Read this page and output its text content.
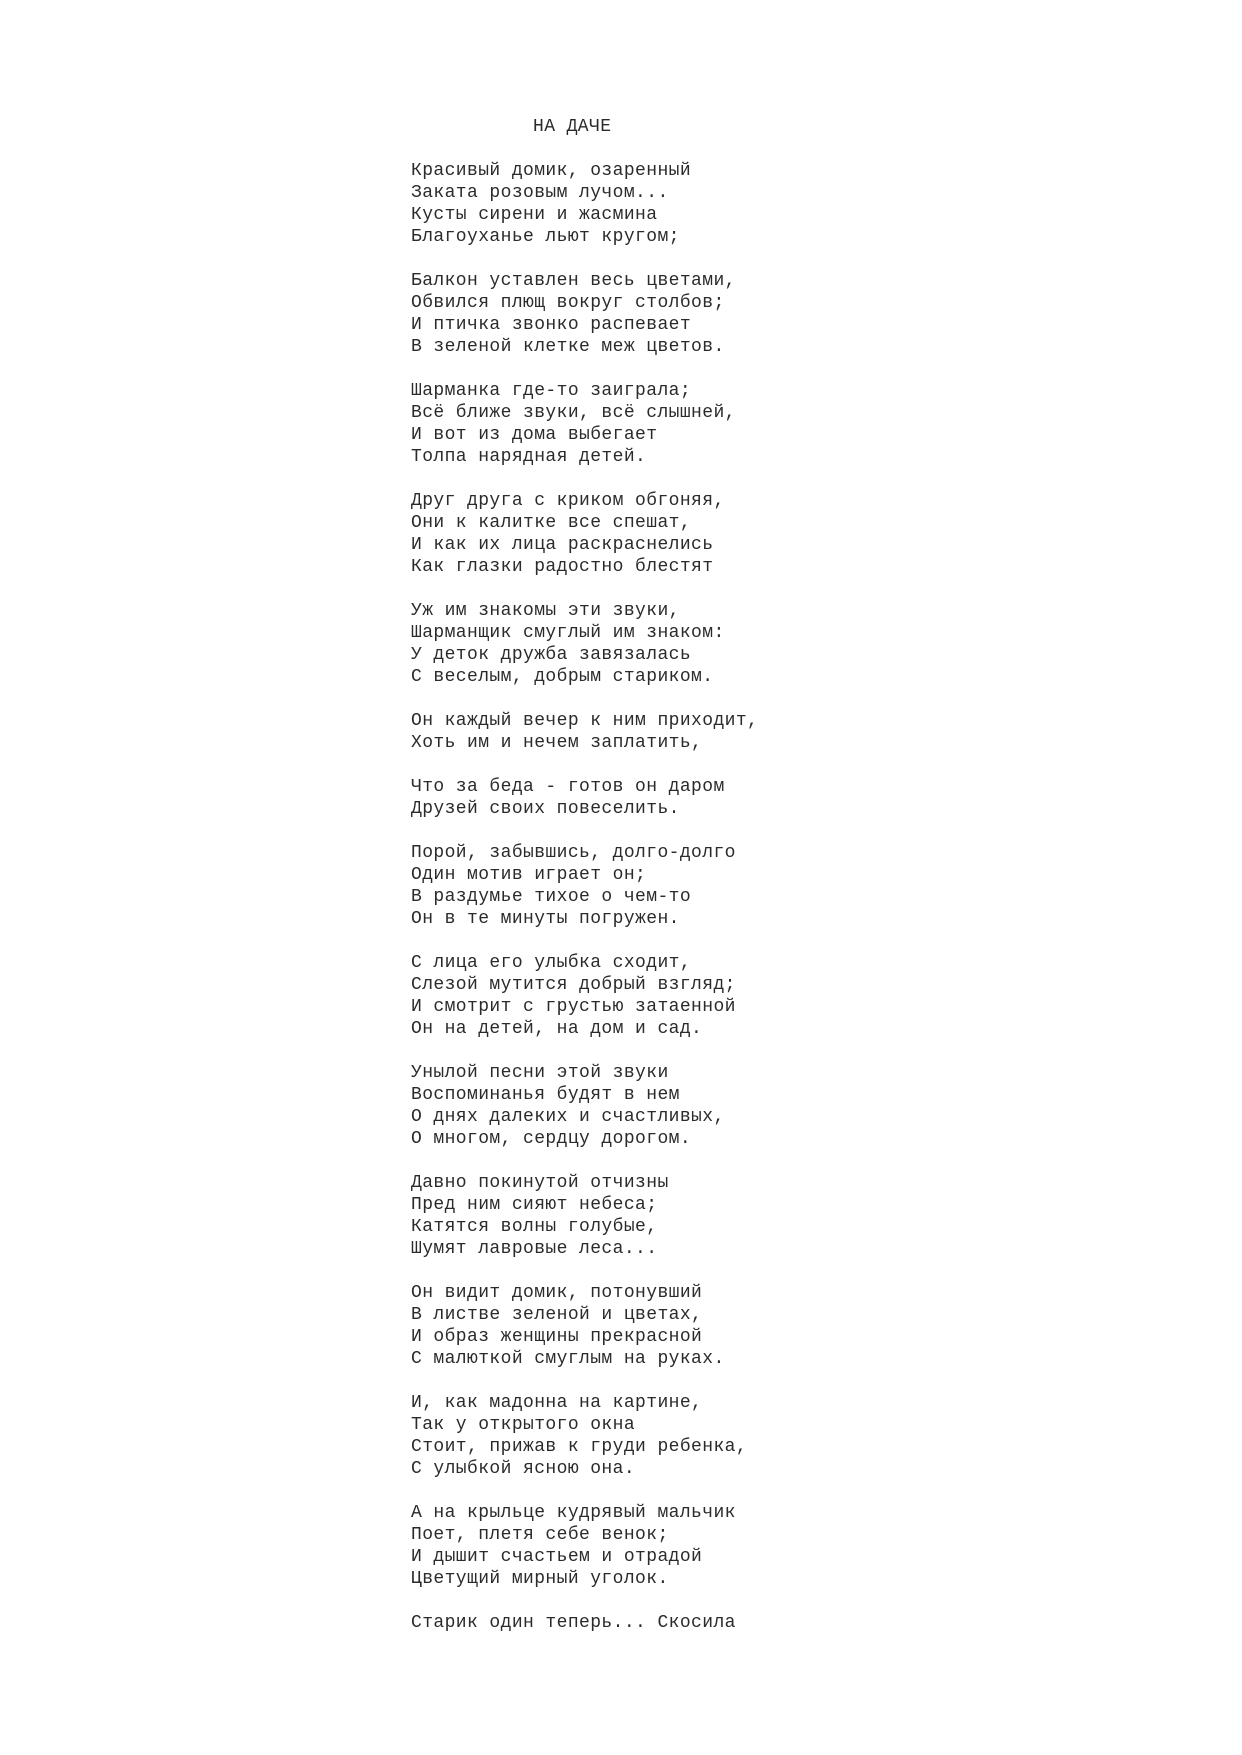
НА ДАЧЕ
Красивый домик, озаренный
Заката розовым лучом...
Кусты сирени и жасмина
Благоуханье льют кругом;
Балкон уставлен весь цветами,
Обвился плющ вокруг столбов;
И птичка звонко распевает
В зеленой клетке меж цветов.
Шарманка где-то заиграла;
Всё ближе звуки, всё слышней,
И вот из дома выбегает
Толпа нарядная детей.
Друг друга с криком обгоняя,
Они к калитке все спешат,
И как их лица раскраснелись
Как глазки радостно блестят
Уж им знакомы эти звуки,
Шарманщик смуглый им знаком:
У деток дружба завязалась
С веселым, добрым стариком.
Он каждый вечер к ним приходит,
Хоть им и нечем заплатить,
Что за беда - готов он даром
Друзей своих повеселить.
Порой, забывшись, долго-долго
Один мотив играет он;
В раздумье тихое о чем-то
Он в те минуты погружен.
С лица его улыбка сходит,
Слезой мутится добрый взгляд;
И смотрит с грустью затаенной
Он на детей, на дом и сад.
Унылой песни этой звуки
Воспоминанья будят в нем
О днях далеких и счастливых,
О многом, сердцу дорогом.
Давно покинутой отчизны
Пред ним сияют небеса;
Катятся волны голубые,
Шумят лавровые леса...
Он видит домик, потонувший
В листве зеленой и цветах,
И образ женщины прекрасной
С малюткой смуглым на руках.
И, как мадонна на картине,
Так у открытого окна
Стоит, прижав к груди ребенка,
С улыбкой ясною она.
А на крыльце кудрявый мальчик
Поет, плетя себе венок;
И дышит счастьем и отрадой
Цветущий мирный уголок.
Старик один теперь... Скосила
